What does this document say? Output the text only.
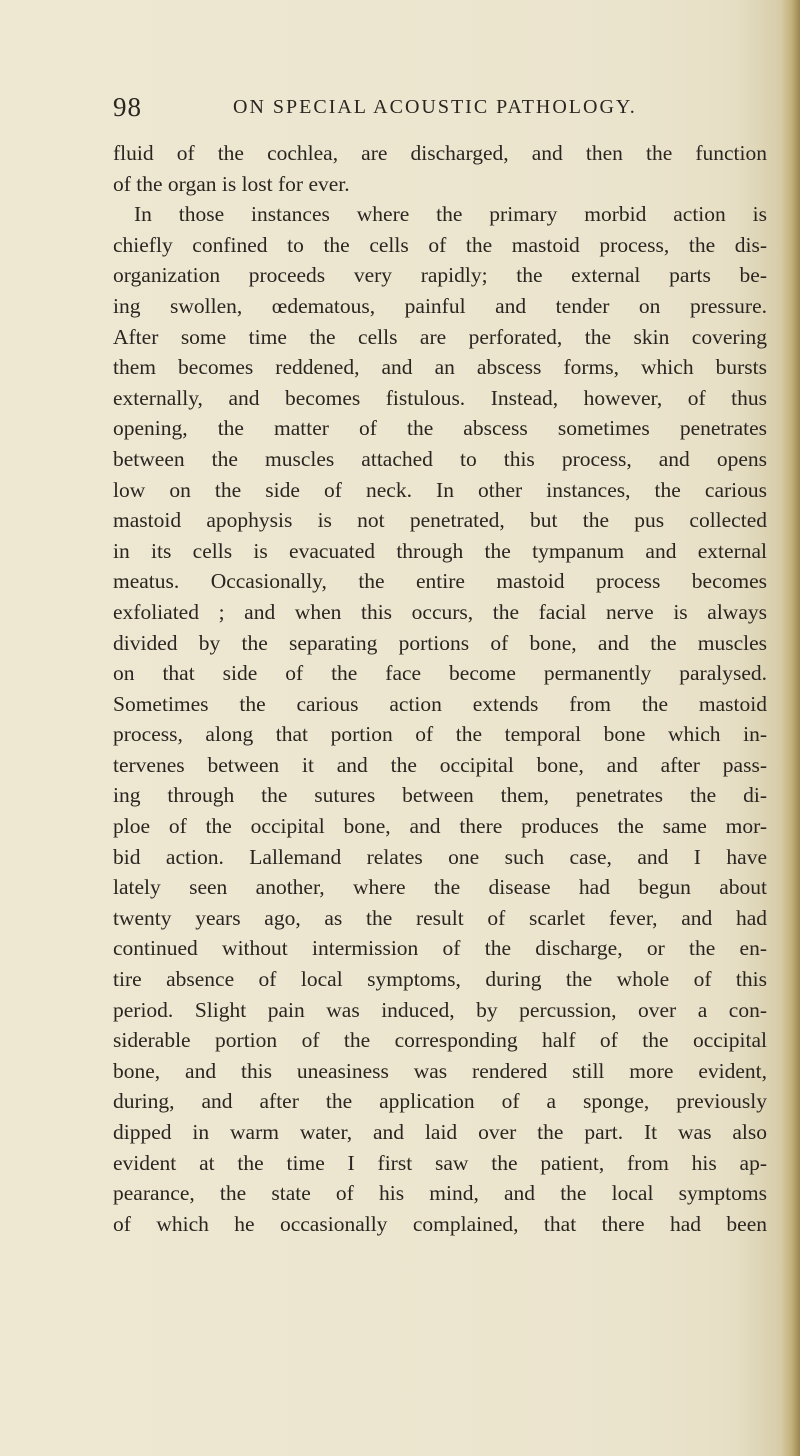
98	ON SPECIAL ACOUSTIC PATHOLOGY.
fluid of the cochlea, are discharged, and then the function
of the organ is lost for ever.
In those instances where the primary morbid action is
chiefly confined to the cells of the mastoid process, the dis-
organization proceeds very rapidly; the external parts be-
ing swollen, œdematous, painful and tender on pressure.
After some time the cells are perforated, the skin covering
them becomes reddened, and an abscess forms, which bursts
externally, and becomes fistulous. Instead, however, of thus
opening, the matter of the abscess sometimes penetrates
between the muscles attached to this process, and opens
low on the side of neck. In other instances, the carious
mastoid apophysis is not penetrated, but the pus collected
in its cells is evacuated through the tympanum and external
meatus. Occasionally, the entire mastoid process becomes
exfoliated ; and when this occurs, the facial nerve is always
divided by the separating portions of bone, and the muscles
on that side of the face become permanently paralysed.
Sometimes the carious action extends from the mastoid
process, along that portion of the temporal bone which in-
tervenes between it and the occipital bone, and after pass-
ing through the sutures between them, penetrates the di-
ploe of the occipital bone, and there produces the same mor-
bid action. Lallemand relates one such case, and I have
lately seen another, where the disease had begun about
twenty years ago, as the result of scarlet fever, and had
continued without intermission of the discharge, or the en-
tire absence of local symptoms, during the whole of this
period. Slight pain was induced, by percussion, over a con-
siderable portion of the corresponding half of the occipital
bone, and this uneasiness was rendered still more evident,
during, and after the application of a sponge, previously
dipped in warm water, and laid over the part. It was also
evident at the time I first saw the patient, from his ap-
pearance, the state of his mind, and the local symptoms
of which he occasionally complained, that there had been
